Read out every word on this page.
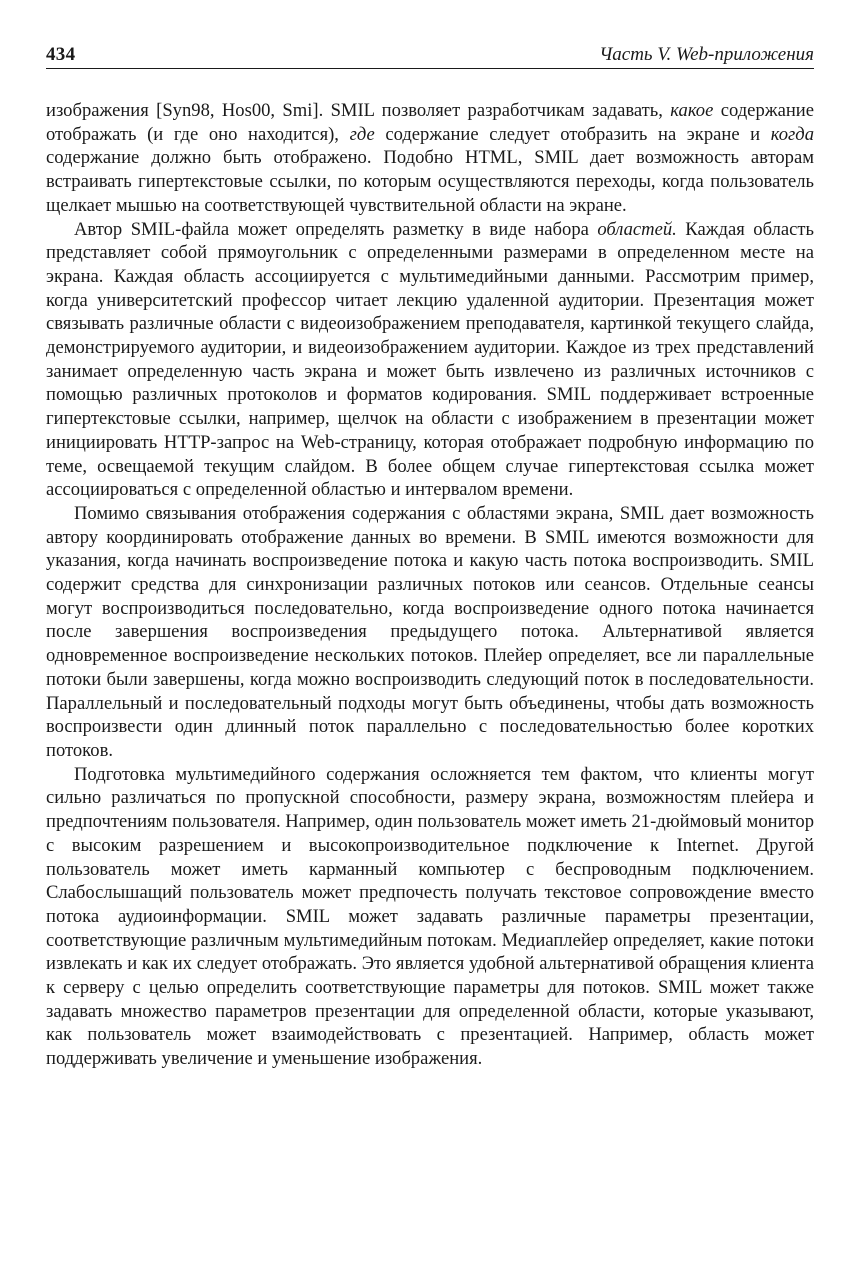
434	Часть V. Web-приложения

изображения [Syn98, Hos00, Smi]. SMIL позволяет разработчикам задавать, какое содержание отображать (и где оно находится), где содержание следует отобразить на экране и когда содержание должно быть отображено. Подобно HTML, SMIL дает возможность авторам встраивать гипертекстовые ссылки, по которым осуществляются переходы, когда пользователь щелкает мышью на соответствующей чувствительной области на экране.

Автор SMIL-файла может определять разметку в виде набора областей. Каждая область представляет собой прямоугольник с определенными размерами в определенном месте на экрана. Каждая область ассоциируется с мультимедийными данными. Рассмотрим пример, когда университетский профессор читает лекцию удаленной аудитории. Презентация может связывать различные области с видеоизображением преподавателя, картинкой текущего слайда, демонстрируемого аудитории, и видеоизображением аудитории. Каждое из трех представлений занимает определенную часть экрана и может быть извлечено из различных источников с помощью различных протоколов и форматов кодирования. SMIL поддерживает встроенные гипертекстовые ссылки, например, щелчок на области с изображением в презентации может инициировать HTTP-запрос на Web-страницу, которая отображает подробную информацию по теме, освещаемой текущим слайдом. В более общем случае гипертекстовая ссылка может ассоциироваться с определенной областью и интервалом времени.

Помимо связывания отображения содержания с областями экрана, SMIL дает возможность автору координировать отображение данных во времени. В SMIL имеются возможности для указания, когда начинать воспроизведение потока и какую часть потока воспроизводить. SMIL содержит средства для синхронизации различных потоков или сеансов. Отдельные сеансы могут воспроизводиться последовательно, когда воспроизведение одного потока начинается после завершения воспроизведения предыдущего потока. Альтернативой является одновременное воспроизведение нескольких потоков. Плейер определяет, все ли параллельные потоки были завершены, когда можно воспроизводить следующий поток в последовательности. Параллельный и последовательный подходы могут быть объединены, чтобы дать возможность воспроизвести один длинный поток параллельно с последовательностью более коротких потоков.

Подготовка мультимедийного содержания осложняется тем фактом, что клиенты могут сильно различаться по пропускной способности, размеру экрана, возможностям плейера и предпочтениям пользователя. Например, один пользователь может иметь 21-дюймовый монитор с высоким разрешением и высокопроизводительное подключение к Internet. Другой пользователь может иметь карманный компьютер с беспроводным подключением. Слабослышащий пользователь может предпочесть получать текстовое сопровождение вместо потока аудиоинформации. SMIL может задавать различные параметры презентации, соответствующие различным мультимедийным потокам. Медиаплейер определяет, какие потоки извлекать и как их следует отображать. Это является удобной альтернативой обращения клиента к серверу с целью определить соответствующие параметры для потоков. SMIL может также задавать множество параметров презентации для определенной области, которые указывают, как пользователь может взаимодействовать с презентацией. Например, область может поддерживать увеличение и уменьшение изображения.
